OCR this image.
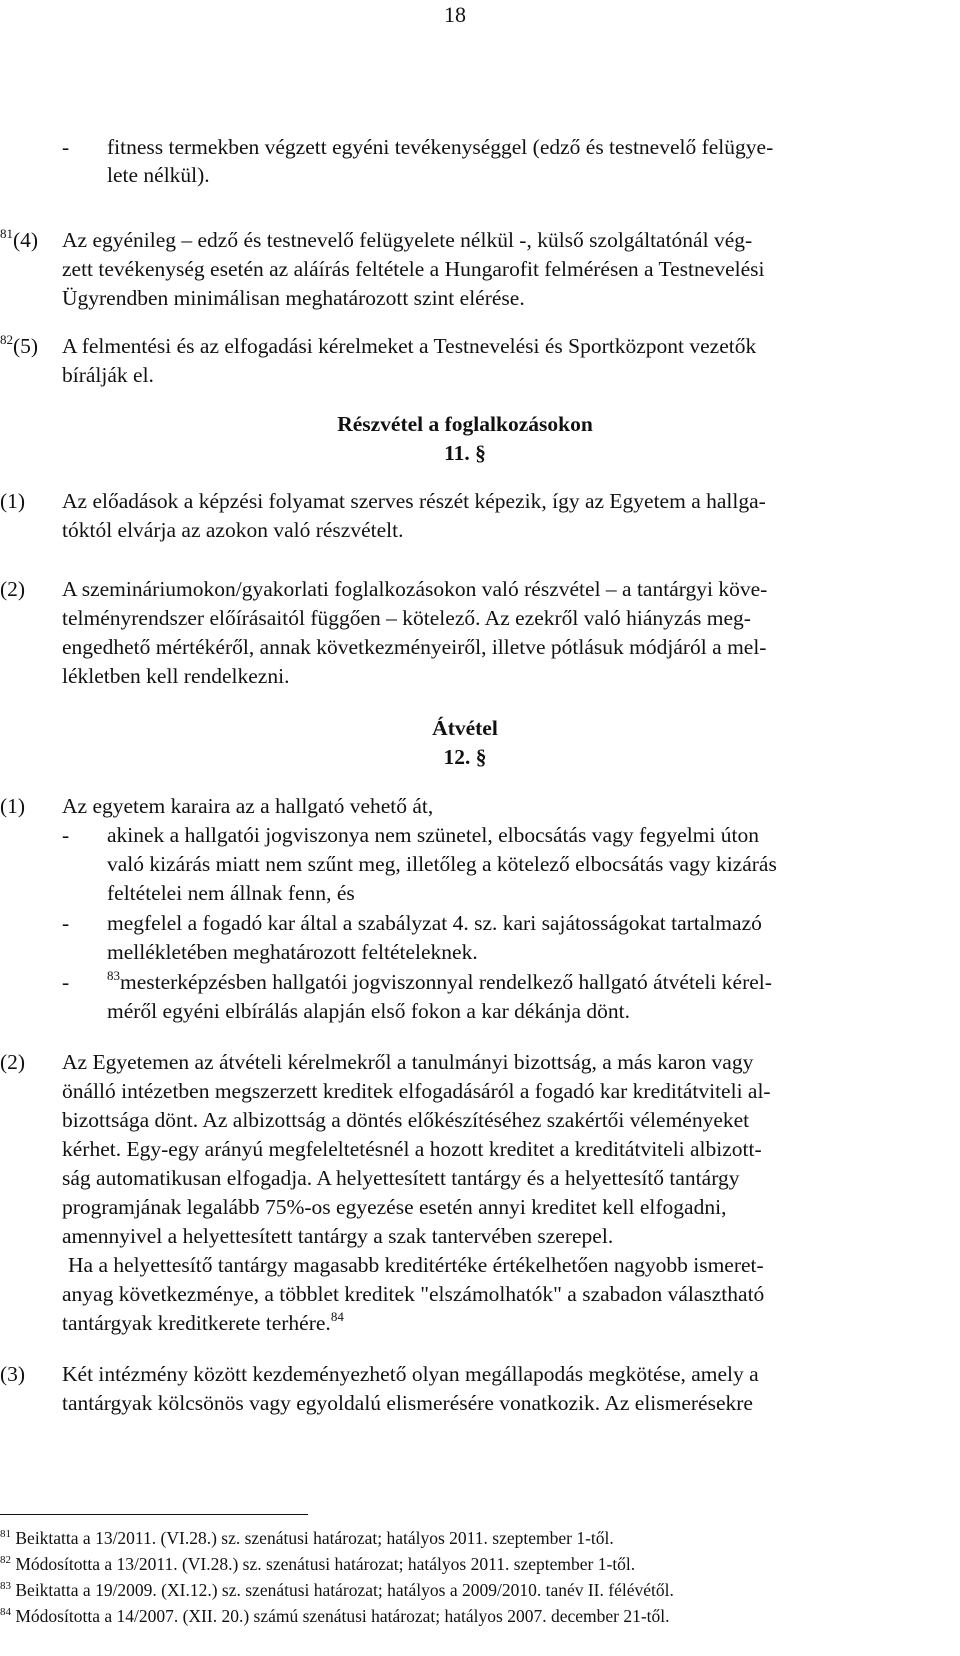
18
- fitness termekben végzett egyéni tevékenységgel (edző és testnevelő felügye-
lete nélkül).
$^{81}$(4) Az egyénileg – edző és testnevelő felügyelete nélkül -, külső szolgáltatónál vég-
zett tevékenység esetén az aláírás feltétele a Hungarofit felmérésen a Testnevelési
Ügyrendben minimálisan meghatározott szint elérése.
$^{82}$(5) A felmentési és az elfogadási kérelmeket a Testnevelési és Sportközpont vezetők
bírálják el.
Részvétel a foglalkozásokon
11. §
(1) Az előadások a képzési folyamat szerves részét képezik, így az Egyetem a hallga-
tóktól elvárja az azokon való részvételt.
(2) A szemináriumokon/gyakorlati foglalkozásokon való részvétel – a tantárgyi köve-
telményrendszer előírásaitól függően – kötelező. Az ezekről való hiányzás meg-
engedhető mértékéről, annak következményeiről, illetve pótlásuk módjáról a mel-
lékletben kell rendelkezni.
Átvétel
12. §
(1) Az egyetem karaira az a hallgató vehető át,
- akinek a hallgatói jogviszonya nem szünetel, elbocsátás vagy fegyelmi úton
való kizárás miatt nem szűnt meg, illetőleg a kötelező elbocsátás vagy kizárás
feltételei nem állnak fenn, és
- megfelel a fogadó kar által a szabályzat 4. sz. kari sajátosságokat tartalmazó
mellékletében meghatározott feltételeknek.
-	$^{83}$mesterképzésben hallgatói jogviszonnyal rendelkező hallgató átvételi kérel-
méről egyéni elbírálás alapján első fokon a kar dékánja dönt.
(2) Az Egyetemen az átvételi kérelmekről a tanulmányi bizottság, a más karon vagy
önálló intézetben megszerzett kreditek elfogadásáról a fogadó kar kreditátviteli al-
bizottsága dönt. Az albizottság a döntés előkészítéséhez szakértői véleményeket
kérhet. Egy-egy arányú megfeleltetésnél a hozott kreditet a kreditátviteli albizott-
ság automatikusan elfogadja. A helyettesített tantárgy és a helyettesítő tantárgy
programjának legalább 75%-os egyezése esetén annyi kreditet kell elfogadni,
amennyivel a helyettesített tantárgy a szak tantervében szerepel.
Ha a helyettesítő tantárgy magasabb kreditértéke értékelhetően nagyobb ismeret-
anyag következménye, a többlet kreditek "elszámolhatók" a szabadon választható
tantárgyak kreditkerete terhére.$^{84}$
(3) Két intézmény között kezdeményezhető olyan megállapodás megkötése, amely a
tantárgyak kölcsönös vagy egyoldalú elismerésére vonatkozik. Az elismerésekre
$^{81}$ Beiktatta a 13/2011. (VI.28.) sz. szenátusi határozat; hatályos 2011. szeptember 1-től.
$^{82}$ Módosította a 13/2011. (VI.28.) sz. szenátusi határozat; hatályos 2011. szeptember 1-től.
$^{83}$ Beiktatta a 19/2009. (XI.12.) sz. szenátusi határozat; hatályos a 2009/2010. tanév II. félévétől.
$^{84}$ Módosította a 14/2007. (XII. 20.) számú szenátusi határozat; hatályos 2007. december 21-től.
